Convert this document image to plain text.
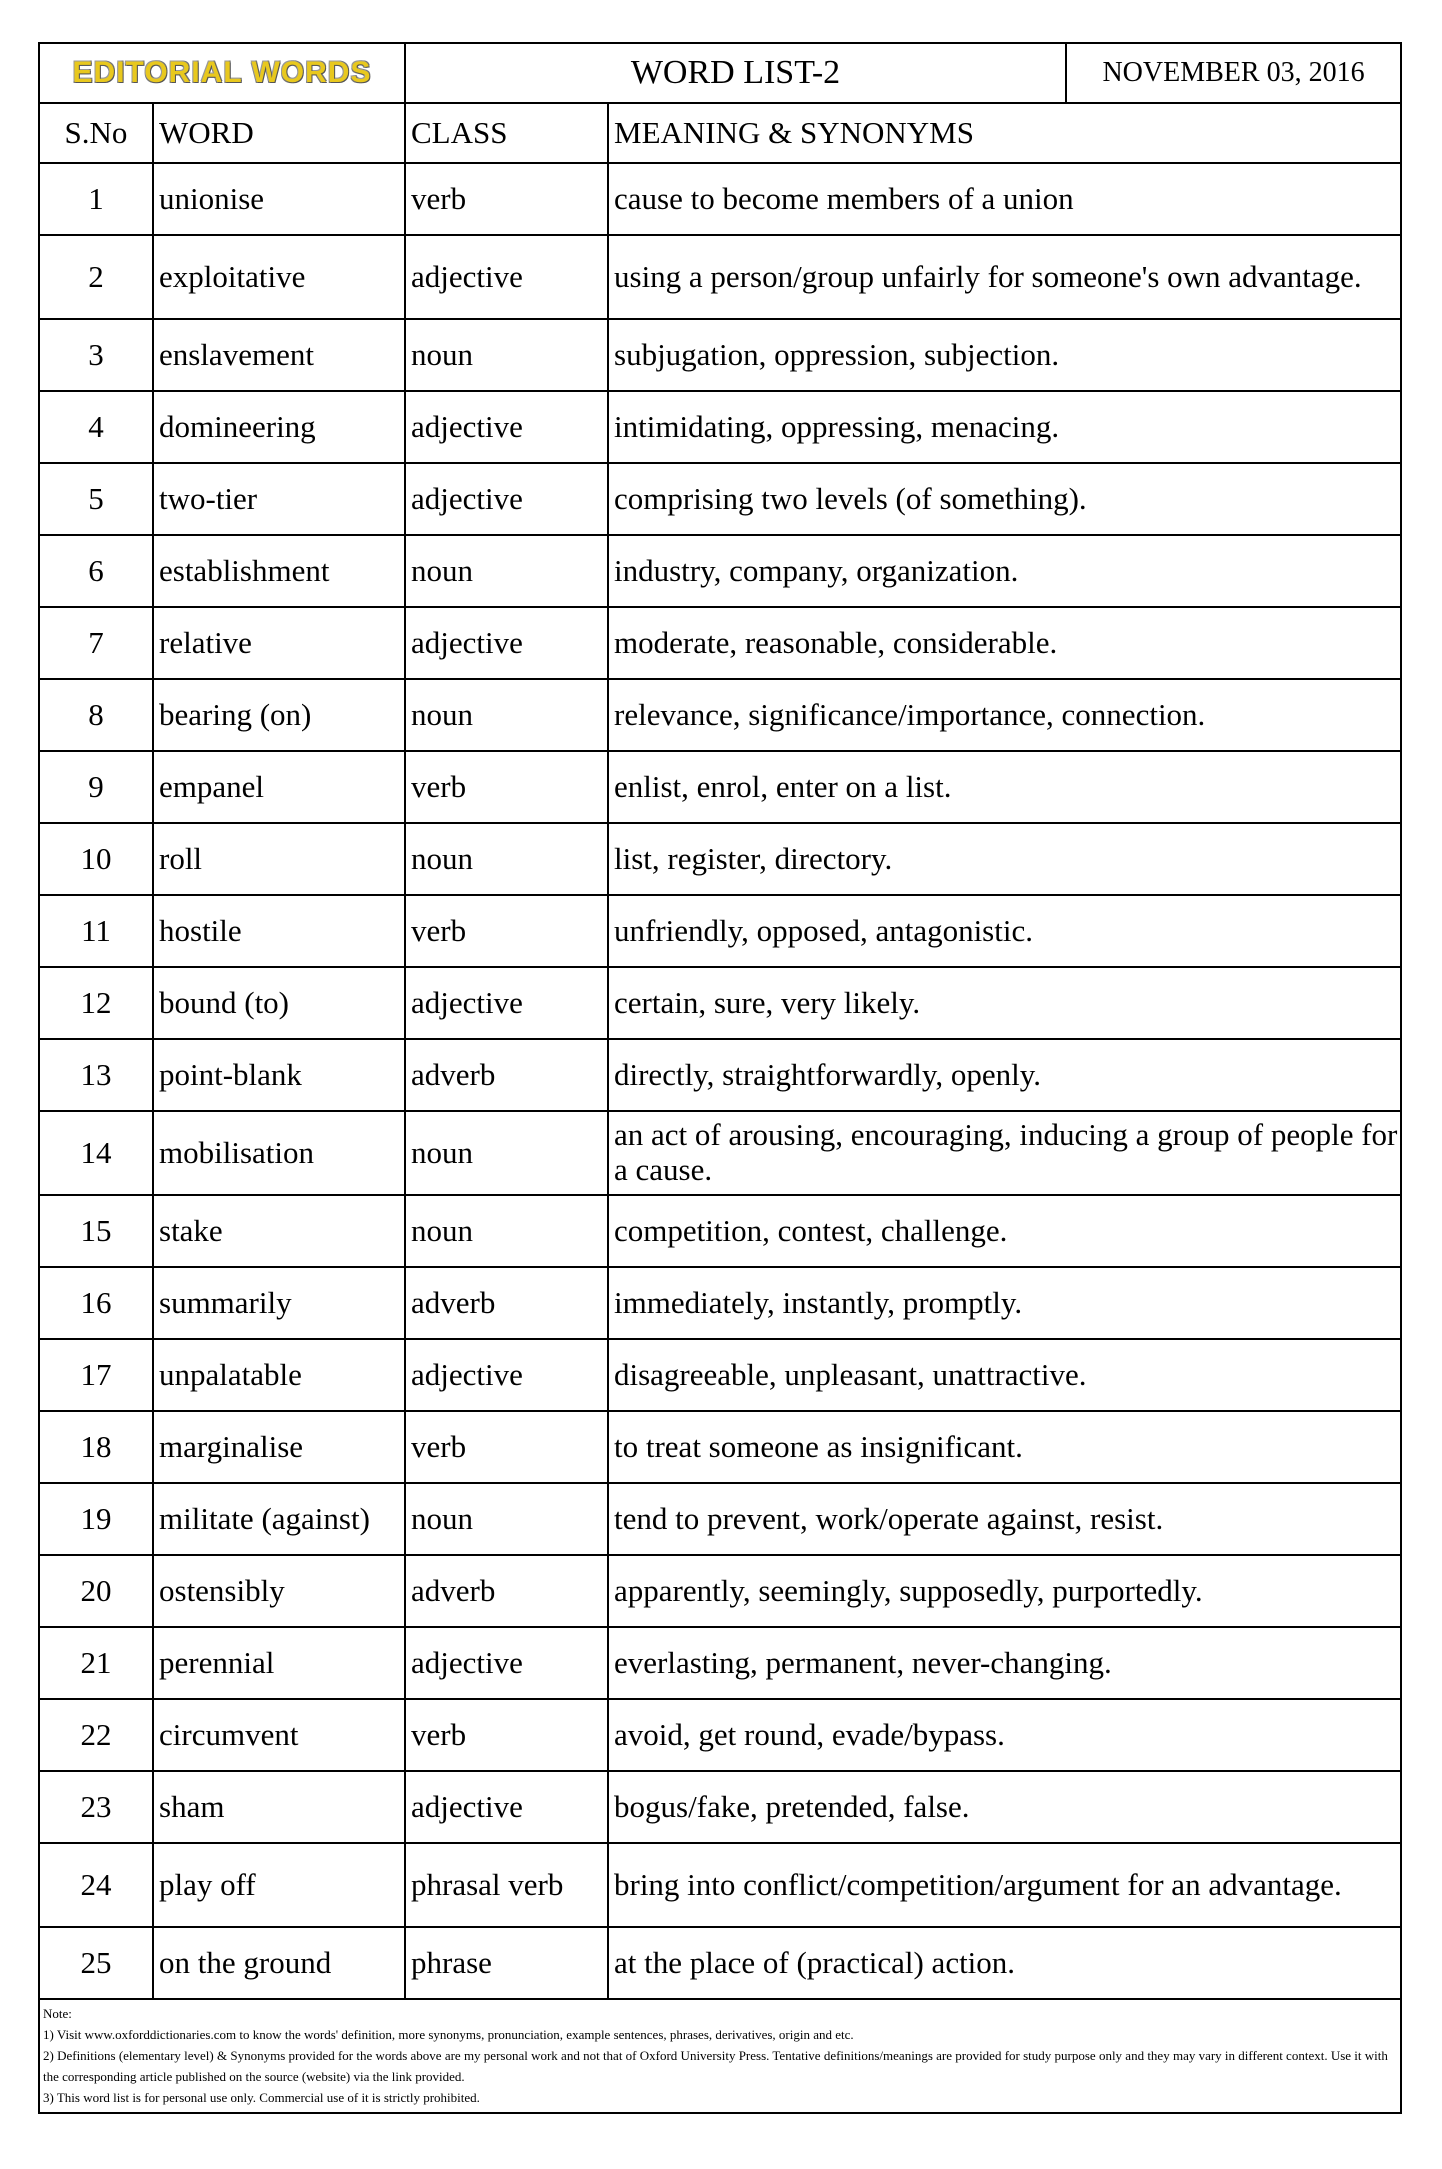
EDITORIAL WORDS		WORD LIST-2		NOVEMBER 03, 2016
S.No	WORD	CLASS	MEANING & SYNONYMS	
1	unionise	verb	cause to become members of a union	
2	exploitative	adjective	using a person/group unfairly for someone's own advantage.	
3	enslavement	noun	subjugation, oppression, subjection.	
4	domineering	adjective	intimidating, oppressing, menacing.	
5	two-tier	adjective	comprising two levels (of something).	
6	establishment	noun	industry, company, organization.	
7	relative	adjective	moderate, reasonable, considerable.	
8	bearing (on)	noun	relevance, significance/importance, connection.	
9	empanel	verb	enlist, enrol, enter on a list.	
10	roll	noun	list, register, directory.	
11	hostile	verb	unfriendly, opposed, antagonistic.	
12	bound (to)	adjective	certain, sure, very likely.	
13	point-blank	adverb	directly, straightforwardly, openly.	
14	mobilisation	noun	an act of arousing, encouraging, inducing a group of people for a cause.	
15	stake	noun	competition, contest, challenge.	
16	summarily	adverb	immediately, instantly, promptly.	
17	unpalatable	adjective	disagreeable, unpleasant, unattractive.	
18	marginalise	verb	to treat someone as insignificant.	
19	militate (against)	noun	tend to prevent, work/operate against, resist.	
20	ostensibly	adverb	apparently, seemingly, supposedly, purportedly.	
21	perennial	adjective	everlasting, permanent, never-changing.	
22	circumvent	verb	avoid, get round, evade/bypass.	
23	sham	adjective	bogus/fake, pretended, false.	
24	play off	phrasal verb	bring into conflict/competition/argument for an advantage.	
25	on the ground	phrase	at the place of (practical) action.	

Note:

1) Visit www.oxforddictionaries.com to know the words' definition, more synonyms, pronunciation, example sentences, phrases, derivatives, origin and etc.

2) Definitions (elementary level) & Synonyms provided for the words above are my personal work and not that of Oxford University Press. Tentative definitions/meanings are provided for study purpose only and they may vary in different context. Use it with the corresponding article published on the source (website) via the link provided.

3) This word list is for personal use only. Commercial use of it is strictly prohibited.				
